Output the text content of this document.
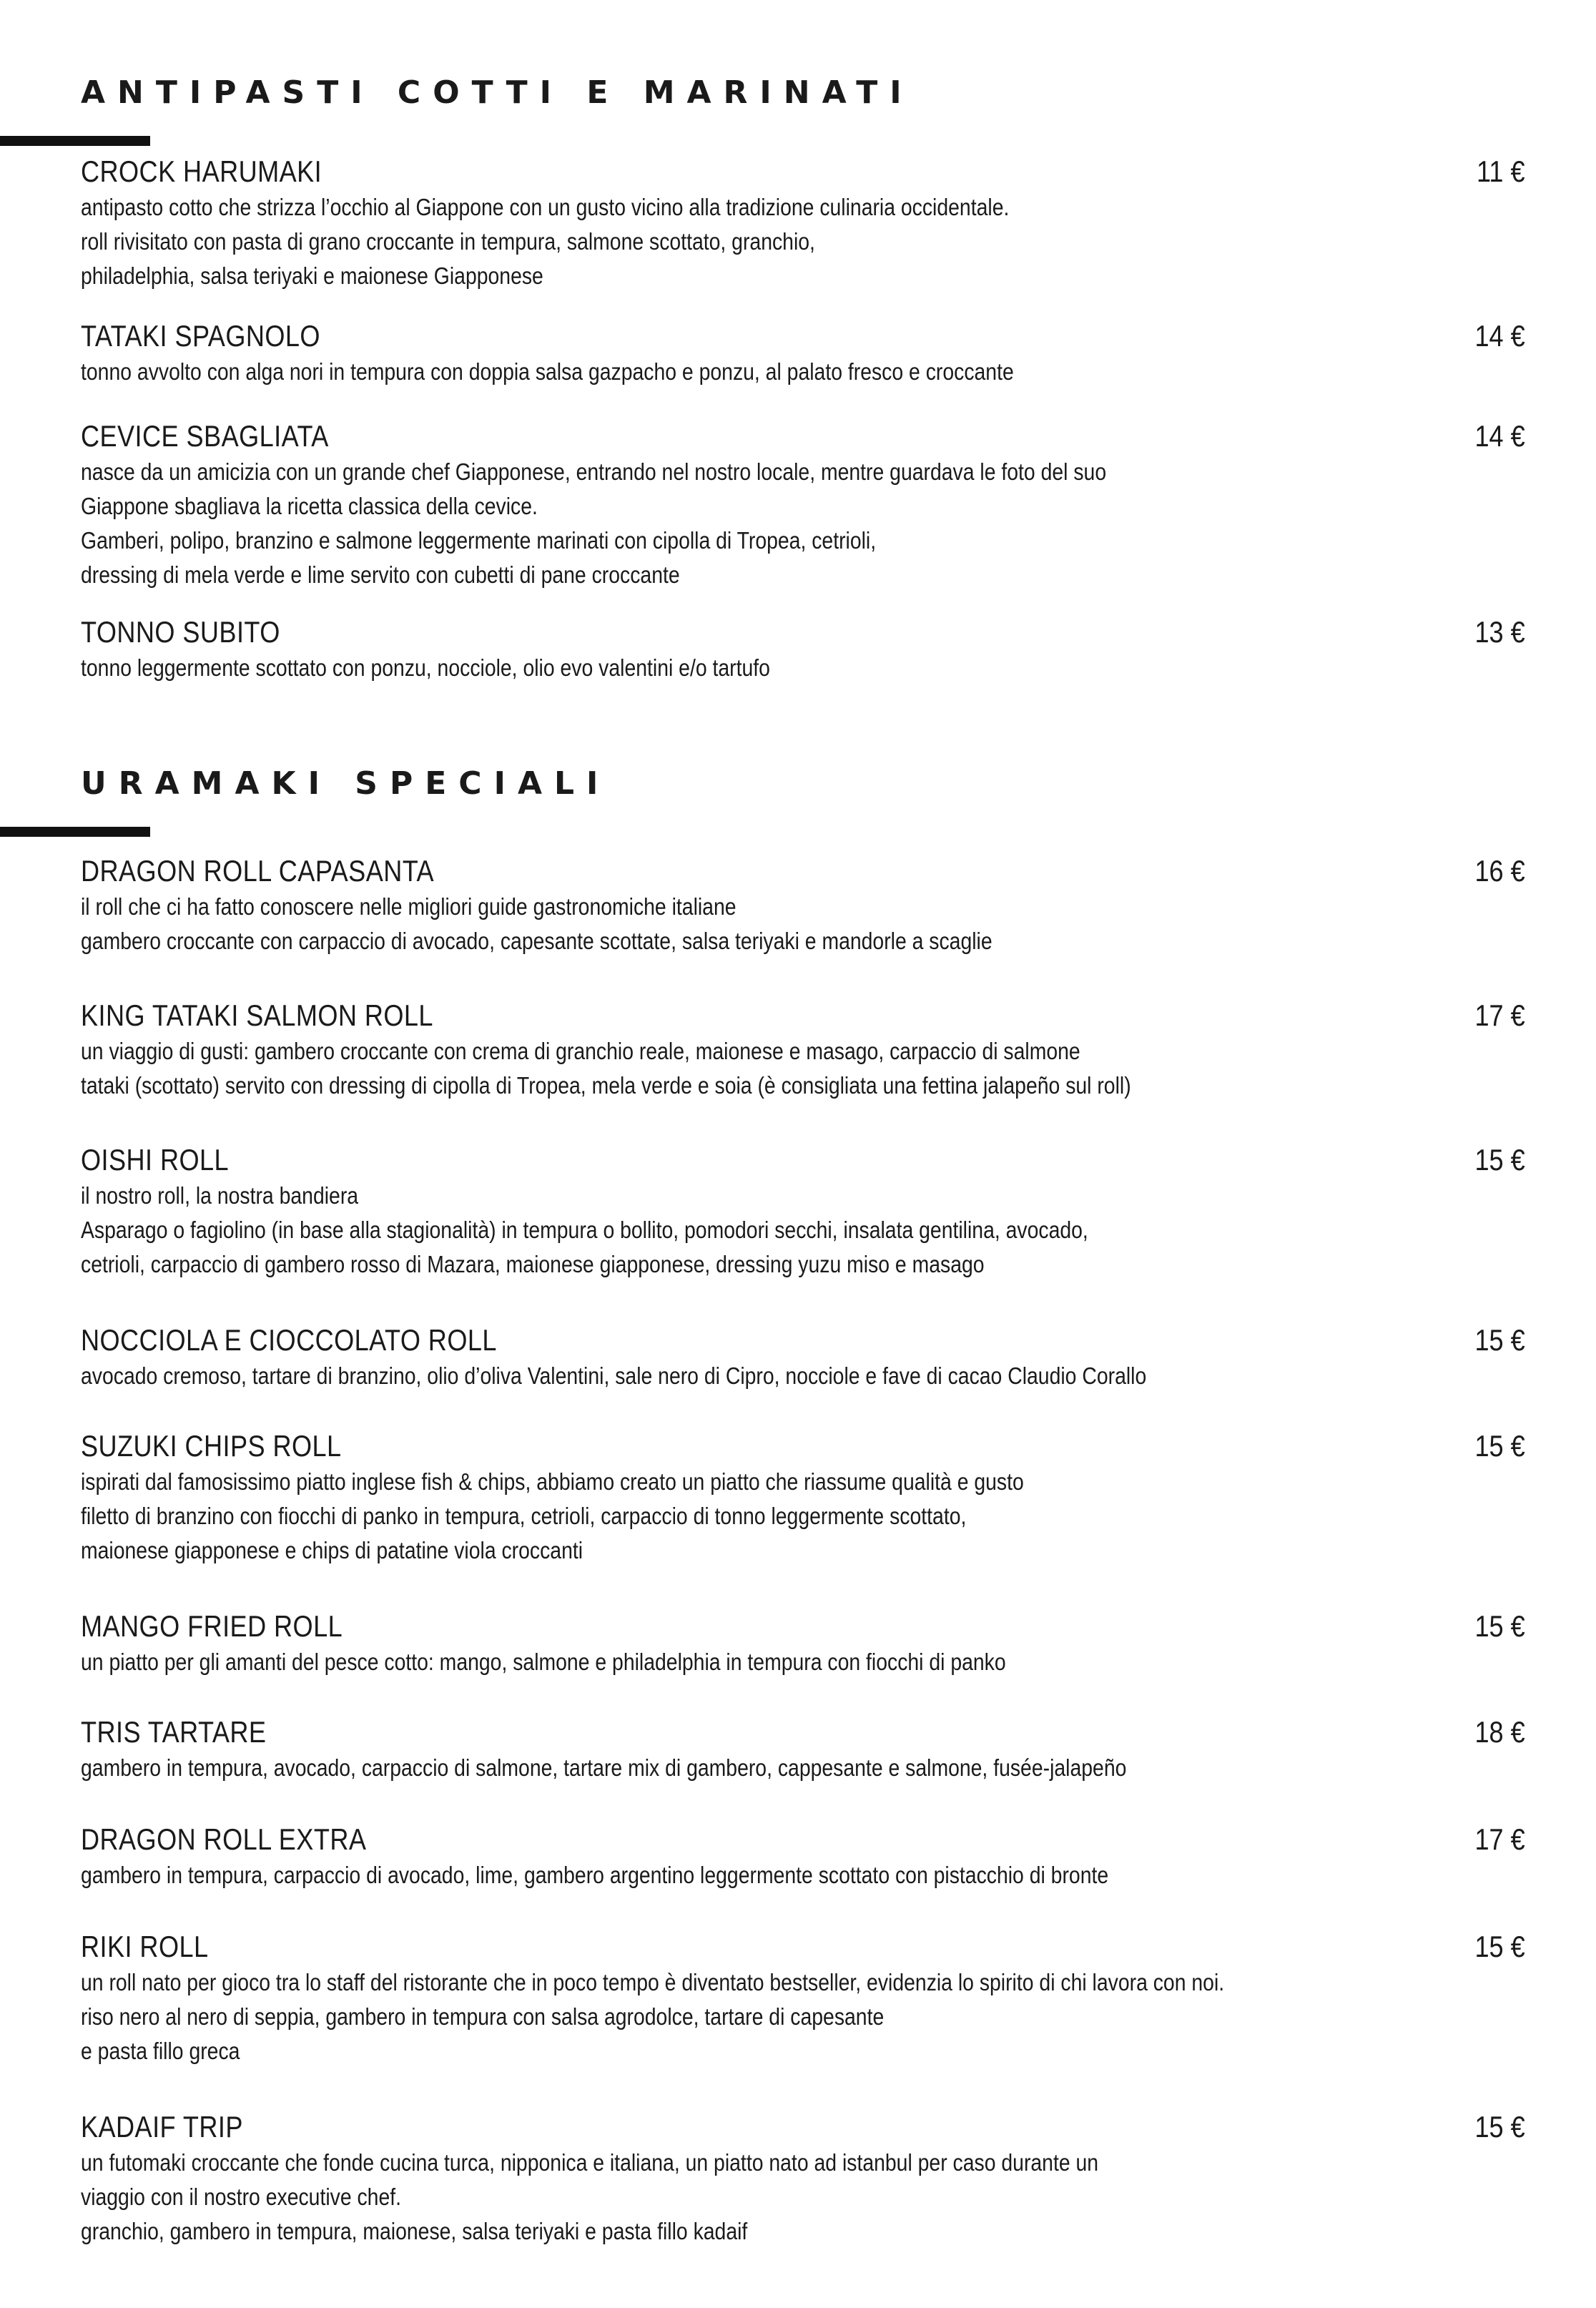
ANTIPASTI COTTI E MARINATI
CROCK HARUMAKI	11 €
antipasto cotto che strizza l’occhio al Giappone con un gusto vicino alla tradizione culinaria occidentale.
roll rivisitato con pasta di grano croccante in tempura, salmone scottato, granchio,
philadelphia, salsa teriyaki e maionese Giapponese
TATAKI SPAGNOLO	14 €
tonno avvolto con alga nori in tempura con doppia salsa gazpacho e ponzu, al palato fresco e croccante
CEVICE SBAGLIATA	14 €
nasce da un amicizia con un grande chef Giapponese, entrando nel nostro locale, mentre guardava le foto del suo
Giappone sbagliava la ricetta classica della cevice.
Gamberi, polipo, branzino e salmone leggermente marinati con cipolla di Tropea, cetrioli,
dressing di mela verde e lime servito con cubetti di pane croccante
TONNO SUBITO	13 €
tonno leggermente scottato con ponzu, nocciole, olio evo valentini e/o tartufo
URAMAKI SPECIALI
DRAGON ROLL CAPASANTA	16 €
il roll che ci ha fatto conoscere nelle migliori guide gastronomiche italiane
gambero croccante con carpaccio di avocado, capesante scottate, salsa teriyaki e mandorle a scaglie
KING TATAKI SALMON ROLL	17 €
un viaggio di gusti: gambero croccante con crema di granchio reale, maionese e masago, carpaccio di salmone
tataki (scottato) servito con dressing di cipolla di Tropea, mela verde e soia (è consigliata una fettina jalapeño sul roll)
OISHI ROLL	15 €
il nostro roll, la nostra bandiera
Asparago o fagiolino (in base alla stagionalità) in tempura o bollito, pomodori secchi, insalata gentilina, avocado,
cetrioli, carpaccio di gambero rosso di Mazara, maionese giapponese, dressing yuzu miso e masago
NOCCIOLA E CIOCCOLATO ROLL	15 €
avocado cremoso, tartare di branzino, olio d’oliva Valentini, sale nero di Cipro, nocciole e fave di cacao Claudio Corallo
SUZUKI CHIPS ROLL	15 €
ispirati dal famosissimo piatto inglese fish & chips, abbiamo creato un piatto che riassume qualità e gusto
filetto di branzino con fiocchi di panko in tempura, cetrioli, carpaccio di tonno leggermente scottato,
maionese giapponese e chips di patatine viola croccanti
MANGO FRIED ROLL	15 €
un piatto per gli amanti del pesce cotto: mango, salmone e philadelphia in tempura con fiocchi di panko
TRIS TARTARE	18 €
gambero in tempura, avocado, carpaccio di salmone, tartare mix di gambero, cappesante e salmone, fusée-jalapeño
DRAGON ROLL EXTRA	17 €
gambero in tempura, carpaccio di avocado, lime, gambero argentino leggermente scottato con pistacchio di bronte
RIKI ROLL	15 €
un roll nato per gioco tra lo staff del ristorante che in poco tempo è diventato bestseller, evidenzia lo spirito di chi lavora con noi.
riso nero al nero di seppia, gambero in tempura con salsa agrodolce, tartare di capesante
e pasta fillo greca
KADAIF TRIP	15 €
un futomaki croccante che fonde cucina turca, nipponica e italiana, un piatto nato ad istanbul per caso durante un
viaggio con il nostro executive chef.
granchio, gambero in tempura, maionese, salsa teriyaki e pasta fillo kadaif
